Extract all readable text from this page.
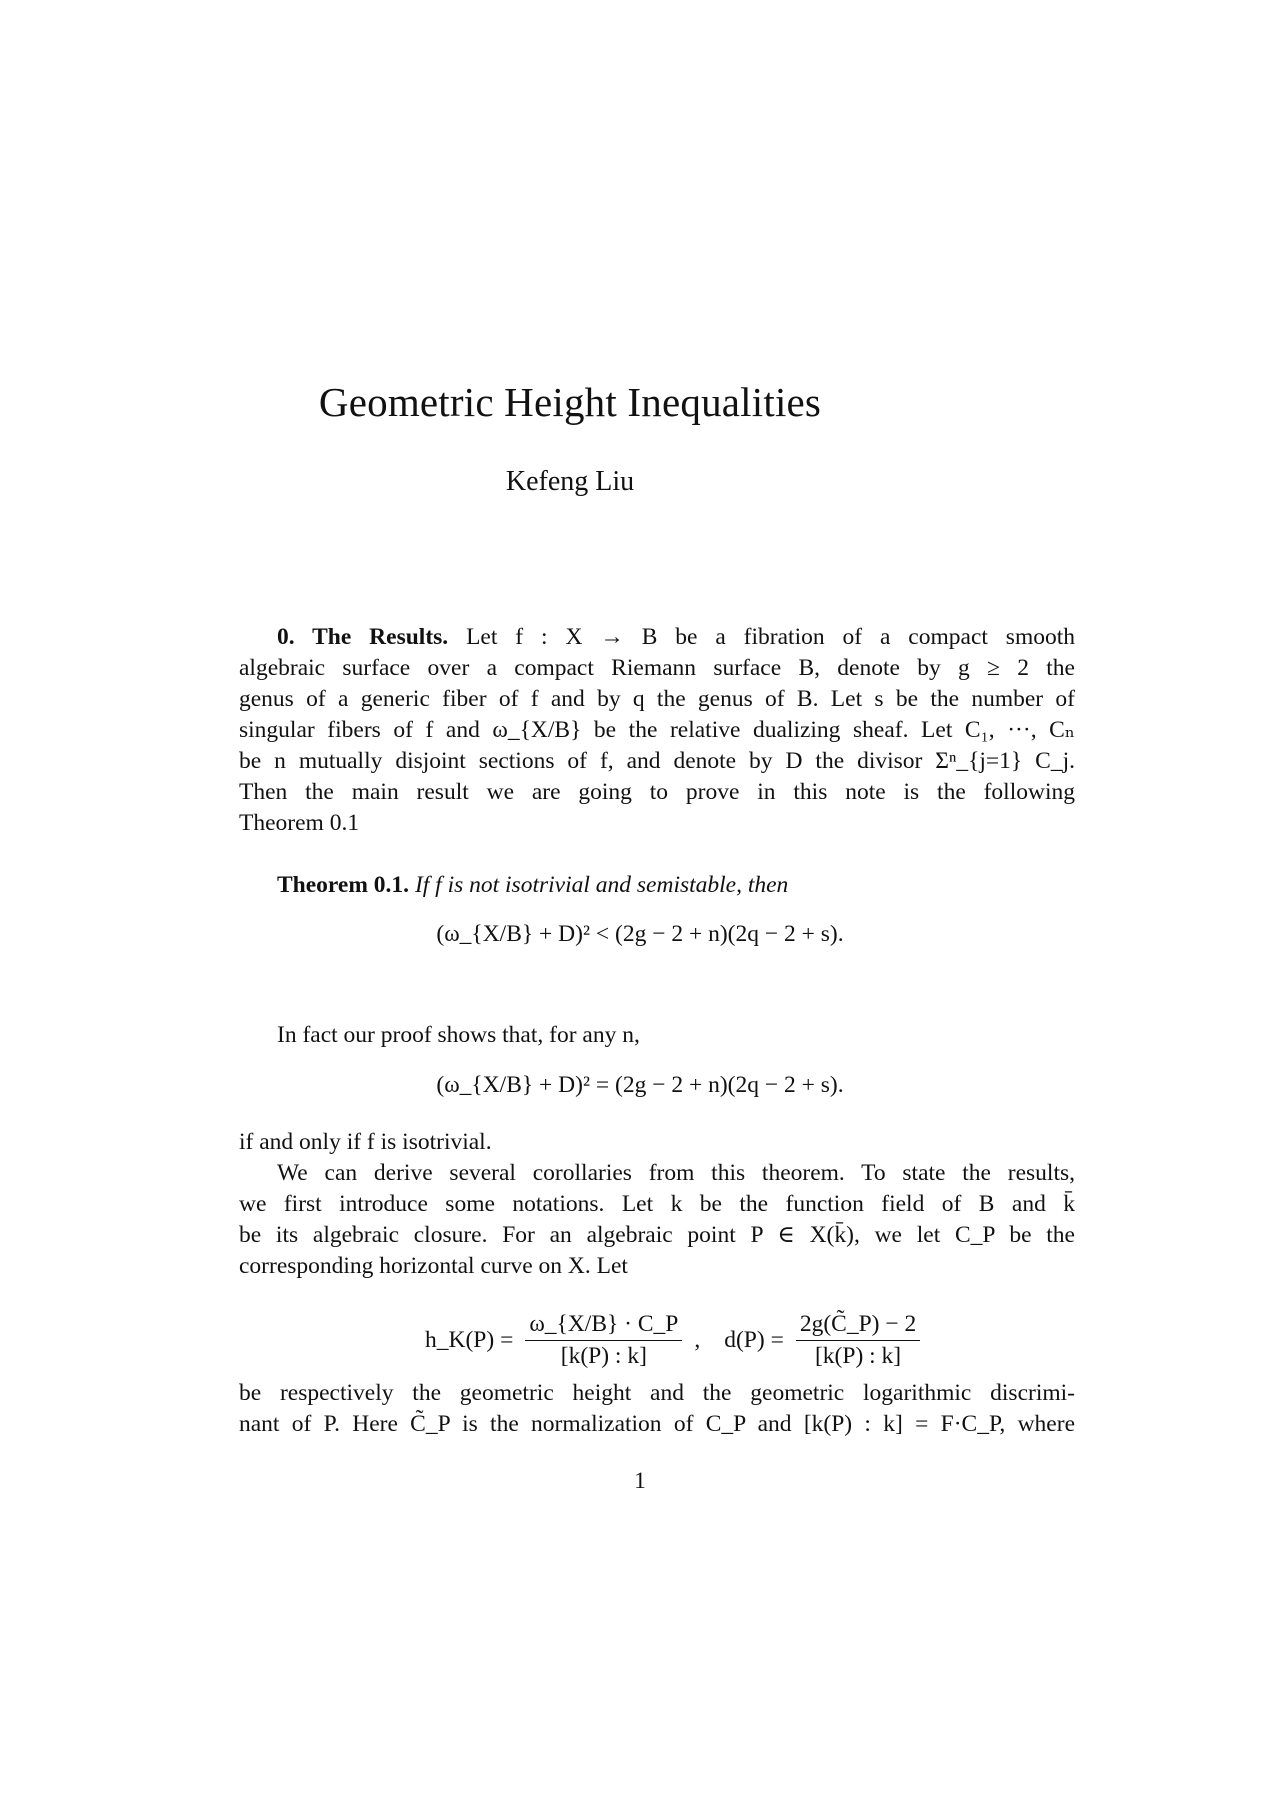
Geometric Height Inequalities
Kefeng Liu
0. The Results. Let f : X → B be a fibration of a compact smooth
algebraic surface over a compact Riemann surface B, denote by g ≥ 2 the
genus of a generic fiber of f and by q the genus of B. Let s be the number of
singular fibers of f and ω_{X/B} be the relative dualizing sheaf. Let C₁, ···, Cₙ
be n mutually disjoint sections of f, and denote by D the divisor Σⁿ_{j=1} C_j.
Then the main result we are going to prove in this note is the following
Theorem 0.1
Theorem 0.1. If f is not isotrivial and semistable, then
(ω_{X/B} + D)² < (2g − 2 + n)(2q − 2 + s).
In fact our proof shows that, for any n,
(ω_{X/B} + D)² = (2g − 2 + n)(2q − 2 + s).
if and only if f is isotrivial.
We can derive several corollaries from this theorem. To state the results,
we first introduce some notations. Let k be the function field of B and k̄
be its algebraic closure. For an algebraic point P ∈ X(k̄), we let C_P be the
corresponding horizontal curve on X. Let
h_K(P) = $\frac{\omega\_\{X/B\} \cdot C\_P}{[k(P) : k]}$ , $d(P) = \frac{2g(C̃\_P) - 2}{[k(P) : k]}$
be respectively the geometric height and the geometric logarithmic discrimi-
nant of P. Here C̃_P is the normalization of C_P and [k(P) : k] = F·C_P, where
1
